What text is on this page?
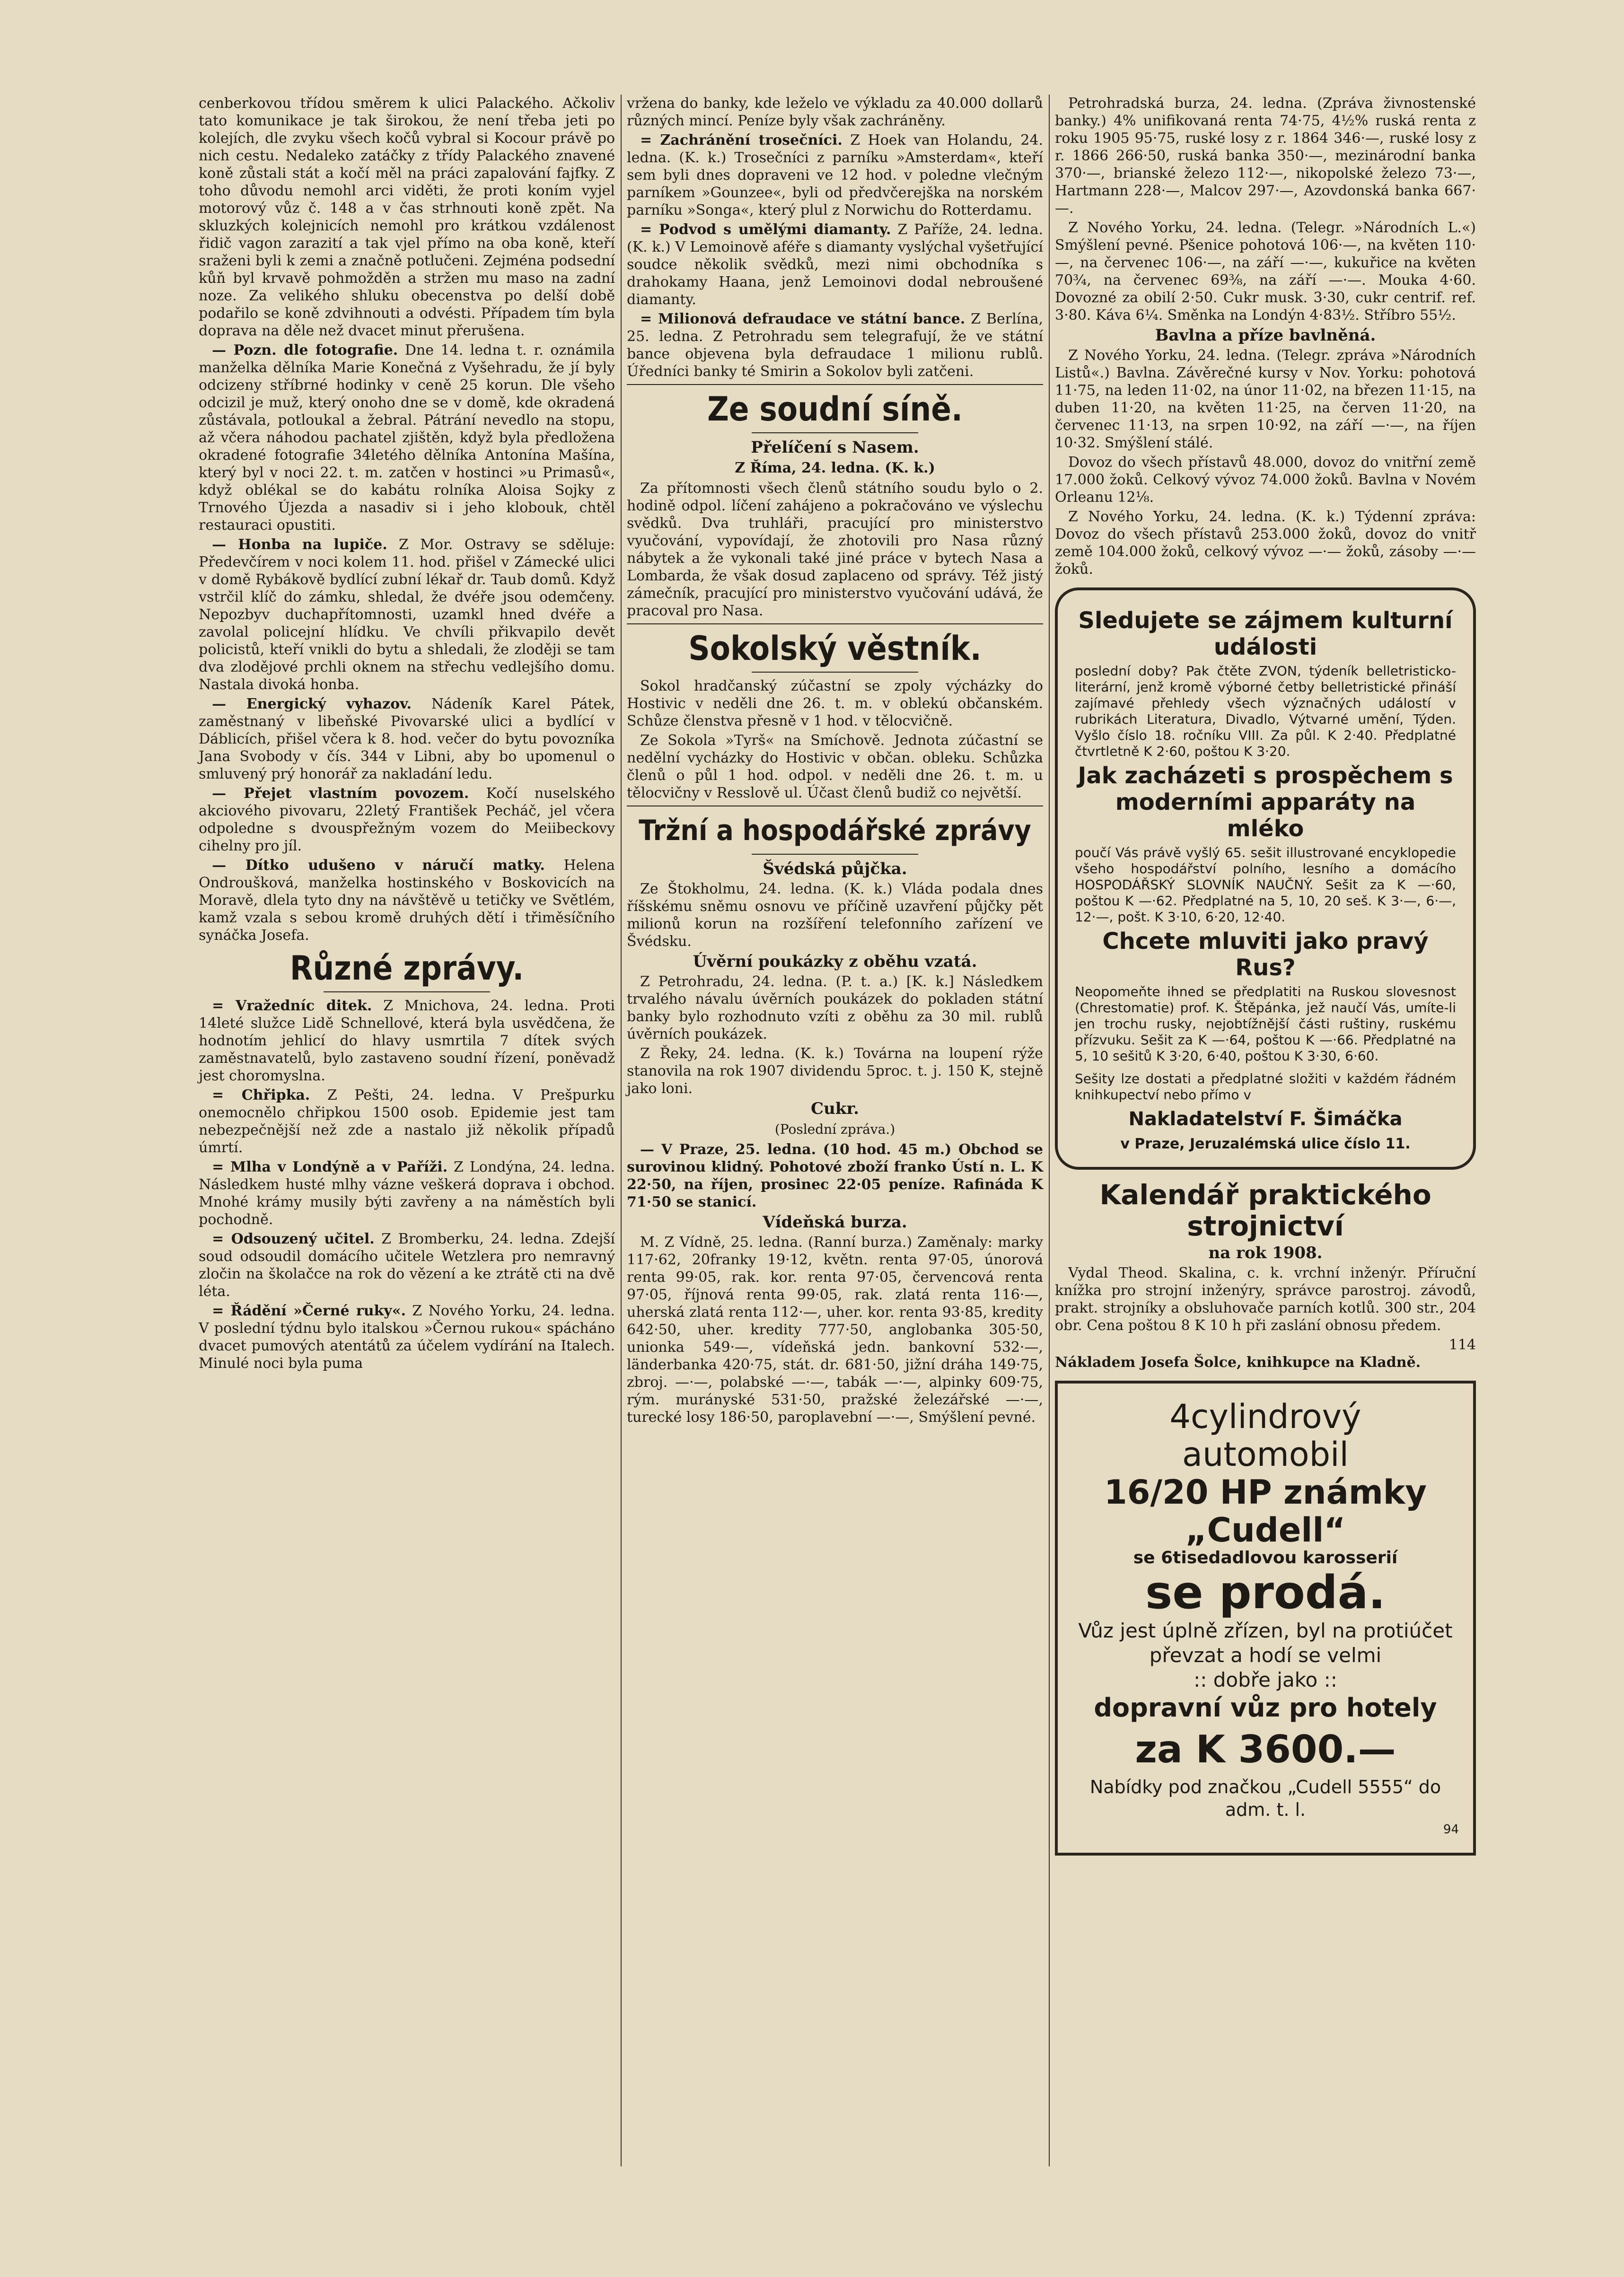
cenberkovou třídou směrem k ulici Palackého. Ačkoliv tato komunikace je tak širokou, že není třeba jeti po kolejích, dle zvyku všech kočů vybral si Kocour právě po nich cestu. Nedaleko zatáčky z třídy Palackého znavené koně zůstali stát a kočí měl na práci zapalování fajfky. Z toho důvodu nemohl arci viděti, že proti koním vyjel motorový vůz č. 148 a v čas strhnouti koně zpět. Na skluzkých kolejnicích nemohl pro krátkou vzdálenost řidič vagon zarazití a tak vjel přímo na oba koně, kteří sraženi byli k zemi a značně potlučeni. Zejména podsední kůň byl krvavě pohmožděn a stržen mu maso na zadní noze. Za velikého shluku obecenstva po delší době podařilo se koně zdvihnouti a odvésti. Případem tím byla doprava na děle než dvacet minut přerušena.

— Pozn. dle fotografie. Dne 14. ledna t. r. oznámila manželka dělníka Marie Konečná z Vyšehradu, že jí byly odcizeny stříbrné hodinky v ceně 25 korun. Dle všeho odcizil je muž, který onoho dne se v domě, kde okradená zůstávala, potloukal a žebral. Pátrání nevedlo na stopu, až včera náhodou pachatel zjištěn, když byla předložena okradené fotografie 34letého dělníka Antonína Mašína, který byl v noci 22. t. m. zatčen v hostinci »u Primasů«, když oblékal se do kabátu rolníka Aloisa Sojky z Trnového Újezda a nasadiv si i jeho klobouk, chtěl restauraci opustiti.

— Honba na lupiče. Z Mor. Ostravy se sděluje: Předevčírem v noci kolem 11. hod. přišel v Zámecké ulici v domě Rybákově bydlící zubní lékař dr. Taub domů. Když vstrčil klíč do zámku, shledal, že dvéře jsou odemčeny. Nepozbyv duchapřítomnosti, uzamkl hned dvéře a zavolal policejní hlídku. Ve chvíli přikvapilo devět policistů, kteří vnikli do bytu a shledali, že zloději se tam dva zlodějové prchli oknem na střechu vedlejšího domu. Nastala divoká honba.

— Energický vyhazov. Nádeník Karel Pátek, zaměstnaný v libeňské Pivovarské ulici a bydlící v Dáblicích, přišel včera k 8. hod. večer do bytu povozníka Jana Svobody v čís. 344 v Libni, aby bo upomenul o smluvený prý honorář za nakladání ledu.

— Přejet vlastním povozem. Kočí nuselského akciového pivovaru, 22letý František Pecháč, jel včera odpoledne s dvouspřežným vozem do Meiibeckovy cihelny pro jíl.

— Dítko udušeno v náručí matky. Helena Ondroušková, manželka hostinského v Boskovicích na Moravě, dlela tyto dny na návštěvě u tetičky ve Světlém, kamž vzala s sebou kromě druhých dětí i třiměsíčního synáčka Josefa.

Různé zprávy.

= Vražedníc ditek. Z Mnichova, 24. ledna. Proti 14leté služce Lidě Schnellové, která byla usvědčena, že hodnotím jehlicí do hlavy usmrtila 7 dítek svých zaměstnavatelů, bylo zastaveno soudní řízení, poněvadž jest choromyslna.

= Chřipka. Z Pešti, 24. ledna. V Prešpurku onemocnělo chřipkou 1500 osob. Epidemie jest tam nebezpečnější než zde a nastalo již několik případů úmrtí.

= Mlha v Londýně a v Paříži. Z Londýna, 24. ledna. Následkem husté mlhy vázne veškerá doprava i obchod. Mnohé krámy musily býti zavřeny a na náměstích byli pochodně.

= Odsouzený učitel. Z Bromberku, 24. ledna. Zdejší soud odsoudil domácího učitele Wetzlera pro nemravný zločin na školačce na rok do vězení a ke ztrátě cti na dvě léta.

= Řádění »Černé ruky«. Z Nového Yorku, 24. ledna. V poslední týdnu bylo italskou »Černou rukou« spácháno dvacet pumových atentátů za účelem vydírání na Italech. Minulé noci byla puma

vržena do banky, kde leželo ve výkladu za 40.000 dollarů různých mincí. Peníze byly však zachráněny.

= Zachránění trosečníci. Z Hoek van Holandu, 24. ledna. (K. k.) Trosečníci z parníku »Amsterdam«, kteří sem byli dnes dopraveni ve 12 hod. v poledne vlečným parníkem »Gounzee«, byli od předvčerejška na norském parníku »Songa«, který plul z Norwichu do Rotterdamu.

= Podvod s umělými diamanty. Z Paříže, 24. ledna. (K. k.) V Lemoinově aféře s diamanty vyslýchal vyšetřující soudce několik svědků, mezi nimi obchodníka s drahokamy Haana, jenž Lemoinovi dodal nebroušené diamanty.

= Milionová defraudace ve státní bance. Z Berlína, 25. ledna. Z Petrohradu sem telegrafují, že ve státní bance objevena byla defraudace 1 milionu rublů. Úředníci banky té Smirin a Sokolov byli zatčeni.

Ze soudní síně.
Přelíčení s Nasem.
Z Říma, 24. ledna. (K. k.)

Za přítomnosti všech členů státního soudu bylo o 2. hodině odpol. líčení zahájeno a pokračováno ve výslechu svědků. Dva truhláři, pracující pro ministerstvo vyučování, vypovídají, že zhotovili pro Nasa různý nábytek a že vykonali také jiné práce v bytech Nasa a Lombarda, že však dosud zaplaceno od správy. Též jistý zámečník, pracující pro ministerstvo vyučování udává, že pracoval pro Nasa.

Sokolský věstník.

Sokol hradčanský zúčastní se zpoly výcházky do Hostivic v neděli dne 26. t. m. v oblekú občanském. Schůze členstva přesně v 1 hod. v tělocvičně.

Ze Sokola »Tyrš« na Smíchově. Jednota zúčastní se nedělní vycházky do Hostivic v občan. obleku. Schůzka členů o půl 1 hod. odpol. v neděli dne 26. t. m. u tělocvičny v Resslově ul. Účast členů budiž co největší.

Tržní a hospodářské zprávy
Švédská půjčka.

Ze Štokholmu, 24. ledna. (K. k.) Vláda podala dnes říšskému sněmu osnovu ve příčině uzavření půjčky pět milionů korun na rozšíření telefonního zařízení ve Švédsku.

Úvěrní poukázky z oběhu vzatá.

Z Petrohradu, 24. ledna. (P. t. a.) [K. k.] Následkem trvalého návalu úvěrních poukázek do pokladen státní banky bylo rozhodnuto vzíti z oběhu za 30 mil. rublů úvěrních poukázek.

Z Řeky, 24. ledna. (K. k.) Továrna na loupení rýže stanovila na rok 1907 dividendu 5proc. t. j. 150 K, stejně jako loni.

Cukr.
(Poslední zpráva.)

— V Praze, 25. ledna. (10 hod. 45 m.) Obchod se surovinou klidný. Pohotové zboží franko Ústí n. L. K 22·50, na říjen, prosinec 22·05 peníze. Rafináda K 71·50 se stanicí.

Vídeňská burza.

M. Z Vídně, 25. ledna. (Ranní burza.) Zaměnaly: marky 117·62, 20franky 19·12, květn. renta 97·05, únorová renta 99·05, rak. kor. renta 97·05, červencová renta 97·05, říjnová renta 99·05, rak. zlatá renta 116·—, uherská zlatá renta 112·—, uher. kor. renta 93·85, kredity 642·50, uher. kredity 777·50, anglobanka 305·50, unionka 549·—, vídeňská jedn. bankovní 532·—, länderbanka 420·75, stát. dr. 681·50, jižní dráha 149·75, zbroj. —·—, polabské —·—, tabák —·—, alpinky 609·75, rým. murányské 531·50, pražské železářské —·—, turecké losy 186·50, paroplavební —·—, Smýšlení pevné.

Petrohradská burza, 24. ledna. (Zpráva živnostenské banky.) 4% unifikovaná renta 74·75, 4½% ruská renta z roku 1905 95·75, ruské losy z r. 1864 346·—, ruské losy z r. 1866 266·50, ruská banka 350·—, mezinárodní banka 370·—, brianské železo 112·—, nikopolské železo 73·—, Hartmann 228·—, Malcov 297·—, Azovdonská banka 667·—.

Z Nového Yorku, 24. ledna. (Telegr. »Národních L.«) Smýšlení pevné. Pšenice pohotová 106·—, na květen 110·—, na červenec 106·—, na září —·—, kukuřice na květen 70¾, na červenec 69⅜, na září —·—. Mouka 4·60. Dovozné za obilí 2·50. Cukr musk. 3·30, cukr centrif. ref. 3·80. Káva 6¼. Směnka na Londýn 4·83½. Stříbro 55½.

Bavlna a příze bavlněná.

Z Nového Yorku, 24. ledna. (Telegr. zpráva »Národních Listů«.) Bavlna. Závěrečné kursy v Nov. Yorku: pohotová 11·75, na leden 11·02, na únor 11·02, na březen 11·15, na duben 11·20, na květen 11·25, na červen 11·20, na červenec 11·13, na srpen 10·92, na září —·—, na říjen 10·32. Smýšlení stálé.

Dovoz do všech přístavů 48.000, dovoz do vnitřní země 17.000 žoků. Celkový vývoz 74.000 žoků. Bavlna v Novém Orleanu 12⅛.

Z Nového Yorku, 24. ledna. (K. k.) Týdenní zpráva: Dovoz do všech přístavů 253.000 žoků, dovoz do vnitř země 104.000 žoků, celkový vývoz —·— žoků, zásoby —·— žoků.

Sledujete se zájmem kulturní události
poslední doby? Pak čtěte ZVON, týdeník belletristicko-literární, jenž kromě výborné četby belletristické přináší zajímavé přehledy všech význačných událostí v rubrikách Literatura, Divadlo, Výtvarné umění, Týden. Vyšlo číslo 18. ročníku VIII. Za půl. K 2·40. Předplatné čtvrtletně K 2·60, poštou K 3·20.
Jak zacházeti s prospěchem s moderními apparáty na mléko
poučí Vás právě vyšlý 65. sešit illustrované encyklopedie všeho hospodářství polního, lesního a domácího HOSPODÁŘSKÝ SLOVNÍK NAUČNÝ. Sešit za K —·60, poštou K —·62. Předplatné na 5, 10, 20 seš. K 3·—, 6·—, 12·—, pošt. K 3·10, 6·20, 12·40.
Chcete mluviti jako pravý Rus?
Neopomeňte ihned se předplatiti na Ruskou slovesnost (Chrestomatie) prof. K. Štěpánka, jež naučí Vás, umíte-li jen trochu rusky, nejobtížnější části ruštiny, ruskému přízvuku. Sešit za K —·64, poštou K —·66. Předplatné na 5, 10 sešitů K 3·20, 6·40, poštou K 3·30, 6·60.
Sešity lze dostati a předplatné složiti v každém řádném knihkupectví nebo přímo v
Nakladatelství F. Šimáčka
v Praze, Jeruzalémská ulice číslo 11.
Kalendář praktického strojnictví
na rok 1908.

Vydal Theod. Skalina, c. k. vrchní inženýr. Příruční knížka pro strojní inženýry, správce parostroj. závodů, prakt. strojníky a obsluhovače parních kotlů. 300 str., 204 obr. Cena poštou 8 K 10 h při zaslání obnosu předem.

114
Nákladem Josefa Šolce, knihkupce na Kladně.
4cylindrový
automobil
16/20 HP známky „Cudell“
se 6tisedadlovou karosserií
se prodá.
Vůz jest úplně zřízen, byl na protiúčet převzat a hodí se velmi
:: dobře jako ::
dopravní vůz pro hotely
za K 3600.—
Nabídky pod značkou „Cudell 5555“ do adm. t. l.
94
